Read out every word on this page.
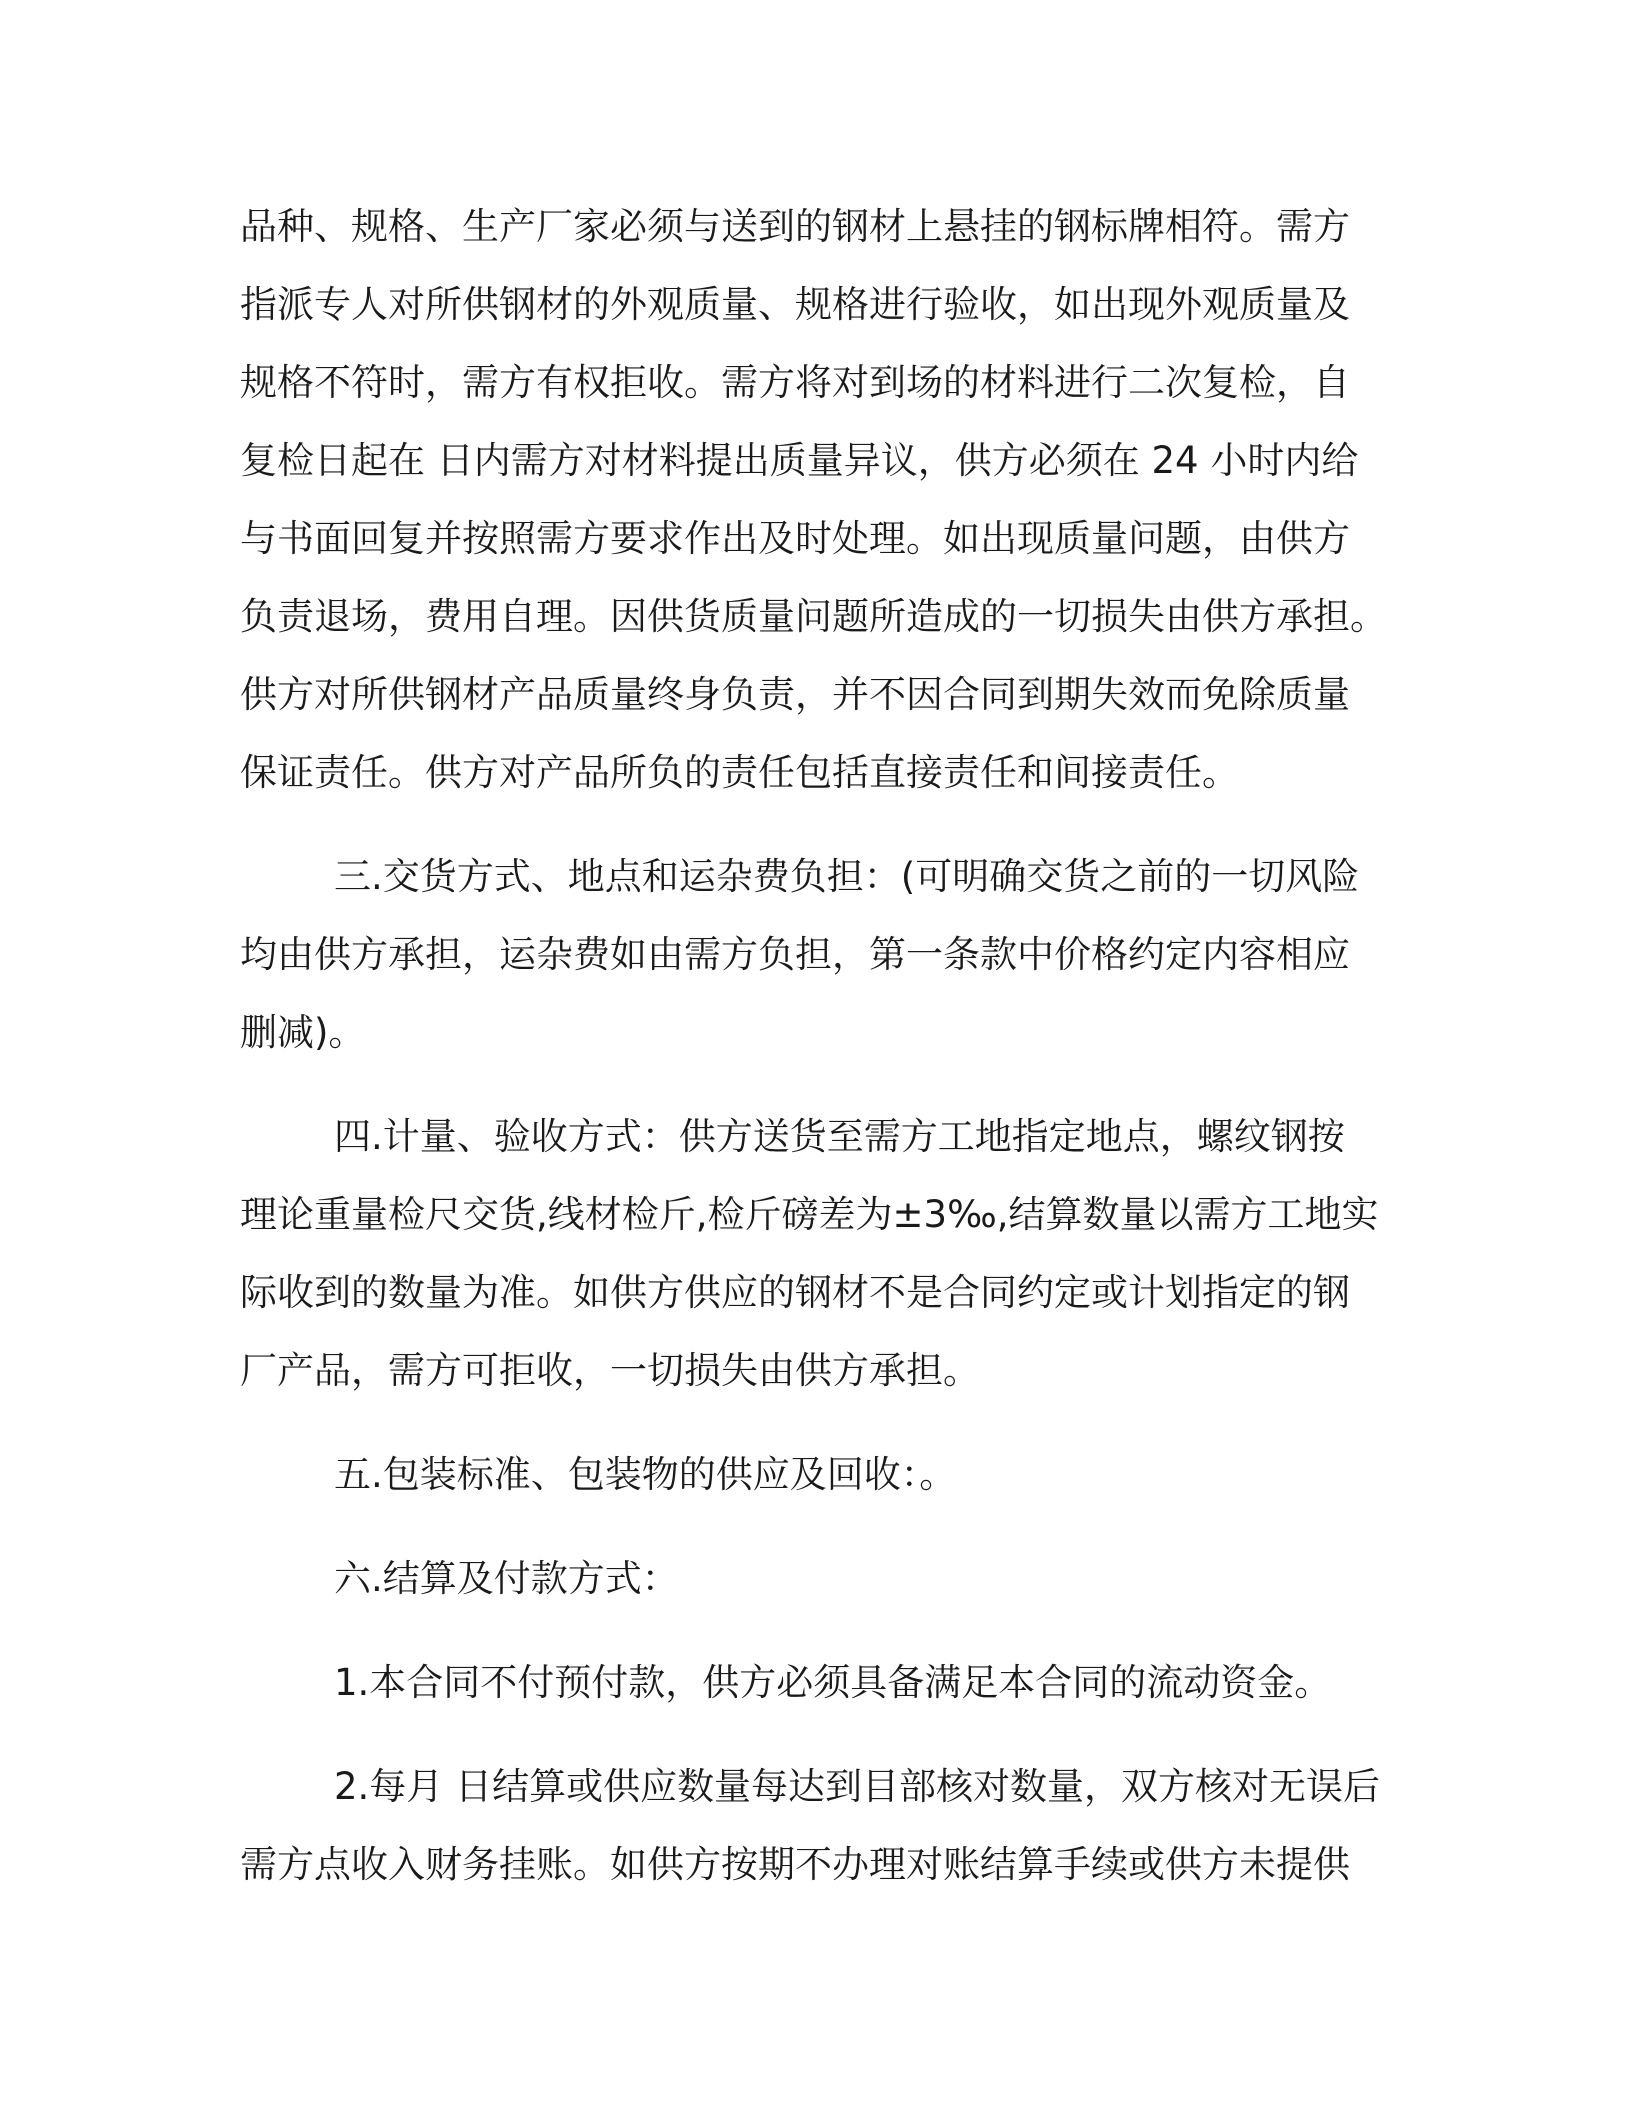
品种、规格、生产厂家必须与送到的钢材上悬挂的钢标牌相符。需方
指派专人对所供钢材的外观质量、规格进行验收，如出现外观质量及
规格不符时，需方有权拒收。需方将对到场的材料进行二次复检，自
复检日起在 日内需方对材料提出质量异议，供方必须在 24 小时内给
与书面回复并按照需方要求作出及时处理。如出现质量问题，由供方
负责退场，费用自理。因供货质量问题所造成的一切损失由供方承担。
供方对所供钢材产品质量终身负责，并不因合同到期失效而免除质量
保证责任。供方对产品所负的责任包括直接责任和间接责任。
三.交货方式、地点和运杂费负担：(可明确交货之前的一切风险
均由供方承担，运杂费如由需方负担，第一条款中价格约定内容相应
删减)。
四.计量、验收方式：供方送货至需方工地指定地点，螺纹钢按
理论重量检尺交货,线材检斤,检斤磅差为±3‰,结算数量以需方工地实
际收到的数量为准。如供方供应的钢材不是合同约定或计划指定的钢
厂产品，需方可拒收，一切损失由供方承担。
五.包装标准、包装物的供应及回收：。
六.结算及付款方式：
1.本合同不付预付款，供方必须具备满足本合同的流动资金。
2.每月 日结算或供应数量每达到目部核对数量，双方核对无误后
需方点收入财务挂账。如供方按期不办理对账结算手续或供方未提供
